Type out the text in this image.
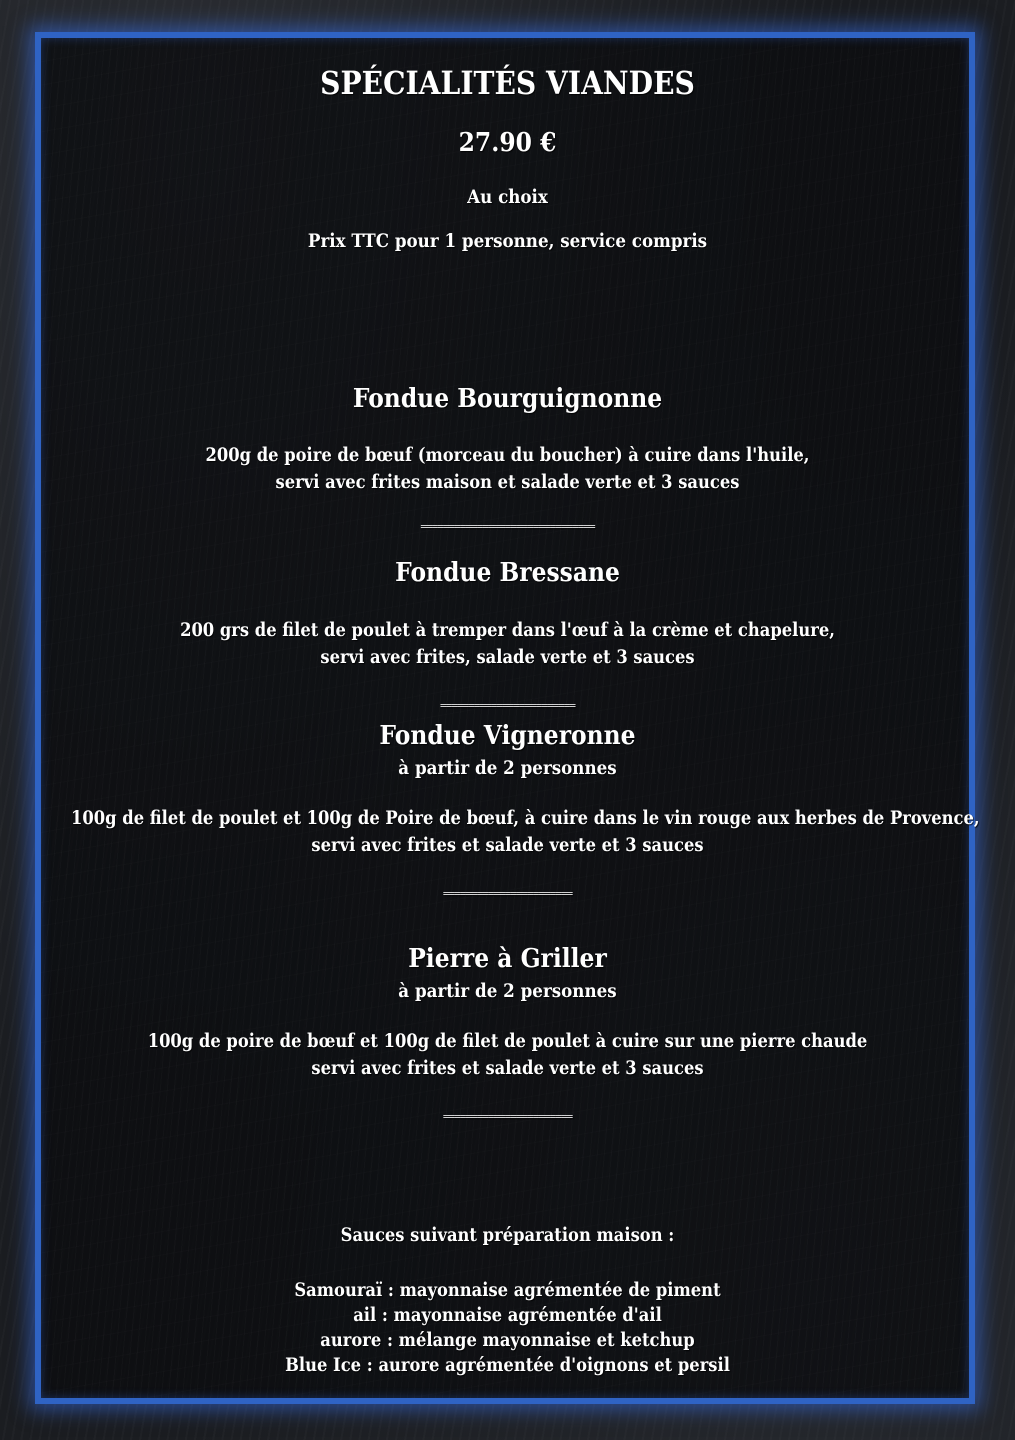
SPÉCIALITÉS VIANDES
27.90 €
Au choix
Prix TTC pour 1 personne, service compris
Fondue Bourguignonne
200g de poire de bœuf (morceau du boucher) à cuire dans l'huile,
servi avec frites maison et salade verte et 3 sauces
===============================
Fondue Bressane
200 grs de filet de poulet à tremper dans l'œuf à la crème et chapelure,
servi avec frites, salade verte et 3 sauces
========================
Fondue Vigneronne
à partir de 2 personnes
100g de filet de poulet et 100g de Poire de bœuf, à cuire dans le vin rouge aux herbes de Provence,
servi avec frites et salade verte et 3 sauces
=======================
Pierre à Griller
à partir de 2 personnes
100g de poire de bœuf et 100g de filet de poulet à cuire sur une pierre chaude
servi avec frites et salade verte et 3 sauces
=======================
Sauces suivant préparation maison :
Samouraï : mayonnaise agrémentée de piment
ail : mayonnaise agrémentée d'ail
aurore : mélange mayonnaise et ketchup
Blue Ice : aurore agrémentée d'oignons et persil
